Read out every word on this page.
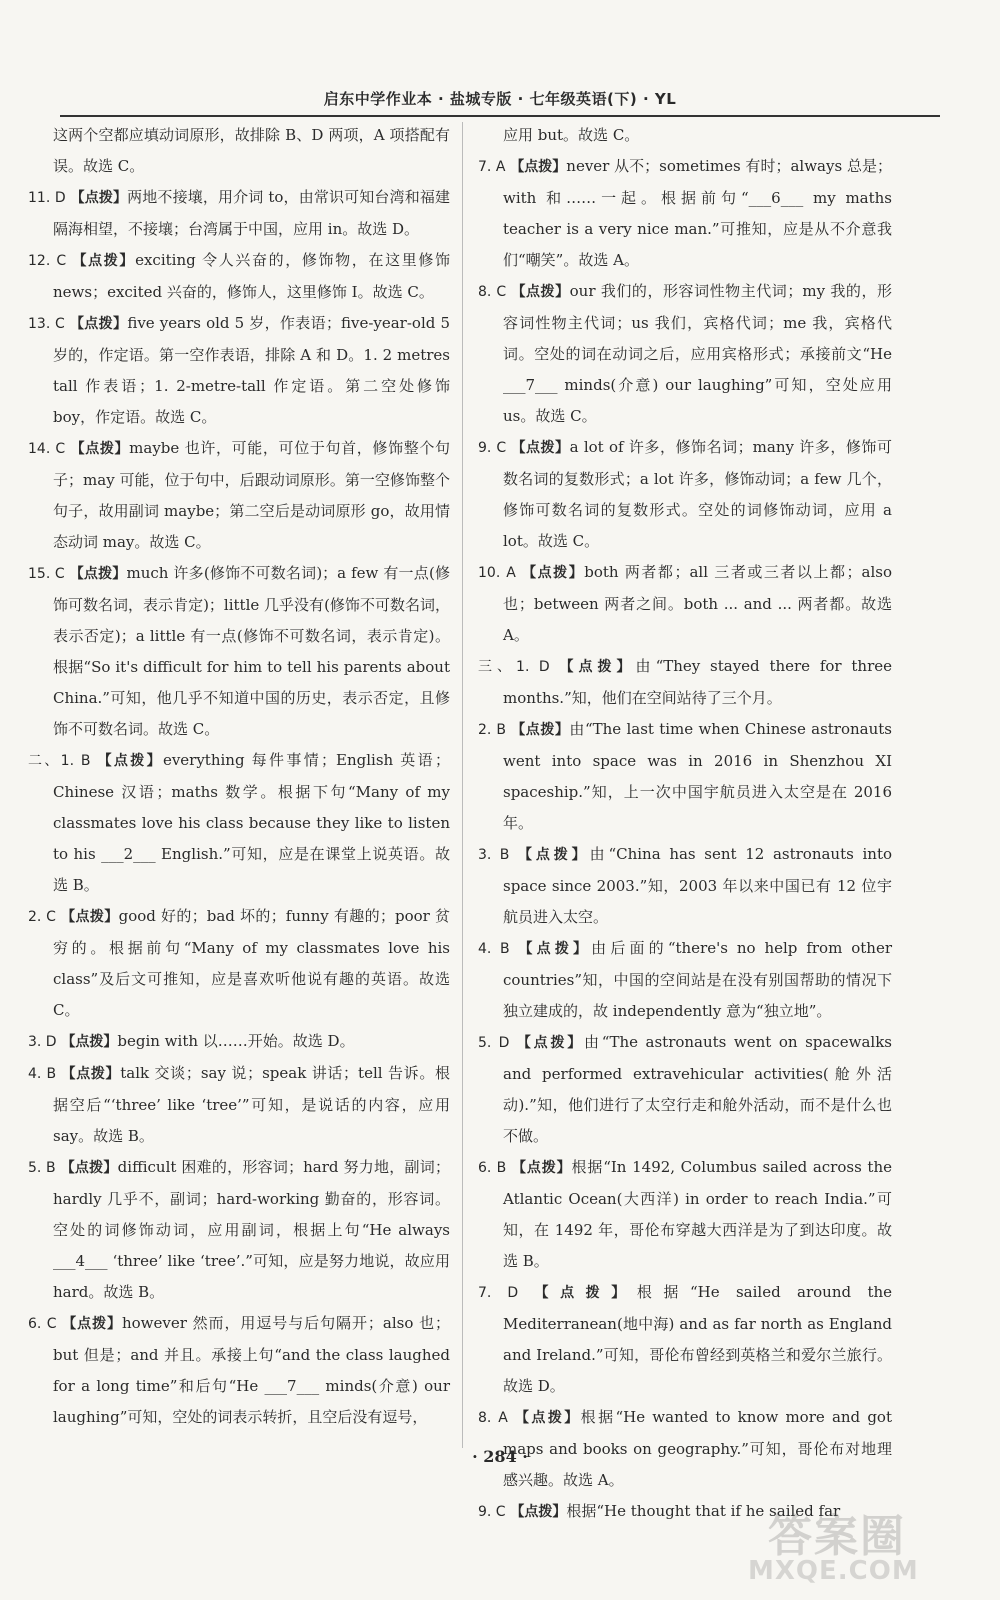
启东中学作业本 · 盐城专版 · 七年级英语(下) · YL

这两个空都应填动词原形，故排除 B、D 两项，A 项搭配有误。故选 C。

11. D 【点拨】两地不接壤，用介词 to，由常识可知台湾和福建隔海相望，不接壤；台湾属于中国，应用 in。故选 D。

12. C 【点拨】exciting 令人兴奋的，修饰物，在这里修饰 news；excited 兴奋的，修饰人，这里修饰 I。故选 C。

13. C 【点拨】five years old 5 岁，作表语；five-year-old 5 岁的，作定语。第一空作表语，排除 A 和 D。1. 2 metres tall 作表语；1. 2-metre-tall 作定语。第二空处修饰 boy，作定语。故选 C。

14. C 【点拨】maybe 也许，可能，可位于句首，修饰整个句子；may 可能，位于句中，后跟动词原形。第一空修饰整个句子，故用副词 maybe；第二空后是动词原形 go，故用情态动词 may。故选 C。

15. C 【点拨】much 许多(修饰不可数名词)；a few 有一点(修饰可数名词，表示肯定)；little 几乎没有(修饰不可数名词，表示否定)；a little 有一点(修饰不可数名词，表示肯定)。根据“So it's difficult for him to tell his parents about China.”可知，他几乎不知道中国的历史，表示否定，且修饰不可数名词。故选 C。

二、1. B 【点拨】everything 每件事情；English 英语；Chinese 汉语；maths 数学。根据下句“Many of my classmates love his class because they like to listen to his ___2___ English.”可知，应是在课堂上说英语。故选 B。

2. C 【点拨】good 好的；bad 坏的；funny 有趣的；poor 贫穷的。根据前句“Many of my classmates love his class”及后文可推知，应是喜欢听他说有趣的英语。故选 C。

3. D 【点拨】begin with 以……开始。故选 D。

4. B 【点拨】talk 交谈；say 说；speak 讲话；tell 告诉。根据空后“‘three’ like ‘tree’”可知，是说话的内容，应用 say。故选 B。

5. B 【点拨】difficult 困难的，形容词；hard 努力地，副词；hardly 几乎不，副词；hard-working 勤奋的，形容词。空处的词修饰动词，应用副词，根据上句“He always ___4___ ‘three’ like ‘tree’.”可知，应是努力地说，故应用 hard。故选 B。

6. C 【点拨】however 然而，用逗号与后句隔开；also 也；but 但是；and 并且。承接上句“and the class laughed for a long time”和后句“He ___7___ minds(介意) our laughing”可知，空处的词表示转折，且空后没有逗号，

应用 but。故选 C。

7. A 【点拨】never 从不；sometimes 有时；always 总是；with 和……一起。根据前句“___6___ my maths teacher is a very nice man.”可推知，应是从不介意我们“嘲笑”。故选 A。

8. C 【点拨】our 我们的，形容词性物主代词；my 我的，形容词性物主代词；us 我们，宾格代词；me 我，宾格代词。空处的词在动词之后，应用宾格形式；承接前文“He ___7___ minds(介意) our laughing”可知，空处应用 us。故选 C。

9. C 【点拨】a lot of 许多，修饰名词；many 许多，修饰可数名词的复数形式；a lot 许多，修饰动词；a few 几个，修饰可数名词的复数形式。空处的词修饰动词，应用 a lot。故选 C。

10. A 【点拨】both 两者都；all 三者或三者以上都；also 也；between 两者之间。both ... and ... 两者都。故选 A。

三、1. D 【点拨】由“They stayed there for three months.”知，他们在空间站待了三个月。

2. B 【点拨】由“The last time when Chinese astronauts went into space was in 2016 in Shenzhou XI spaceship.”知，上一次中国宇航员进入太空是在 2016 年。

3. B 【点拨】由“China has sent 12 astronauts into space since 2003.”知，2003 年以来中国已有 12 位宇航员进入太空。

4. B 【点拨】由后面的“there's no help from other countries”知，中国的空间站是在没有别国帮助的情况下独立建成的，故 independently 意为“独立地”。

5. D 【点拨】由“The astronauts went on spacewalks and performed extravehicular activities(舱外活动).”知，他们进行了太空行走和舱外活动，而不是什么也不做。

6. B 【点拨】根据“In 1492, Columbus sailed across the Atlantic Ocean(大西洋) in order to reach India.”可知，在 1492 年，哥伦布穿越大西洋是为了到达印度。故选 B。

7. D 【点拨】根据“He sailed around the Mediterranean(地中海) and as far north as England and Ireland.”可知，哥伦布曾经到英格兰和爱尔兰旅行。故选 D。

8. A 【点拨】根据“He wanted to know more and got maps and books on geography.”可知，哥伦布对地理感兴趣。故选 A。

9. C 【点拨】根据“He thought that if he sailed far

· 284 ·
答案圈
MXQE.COM
